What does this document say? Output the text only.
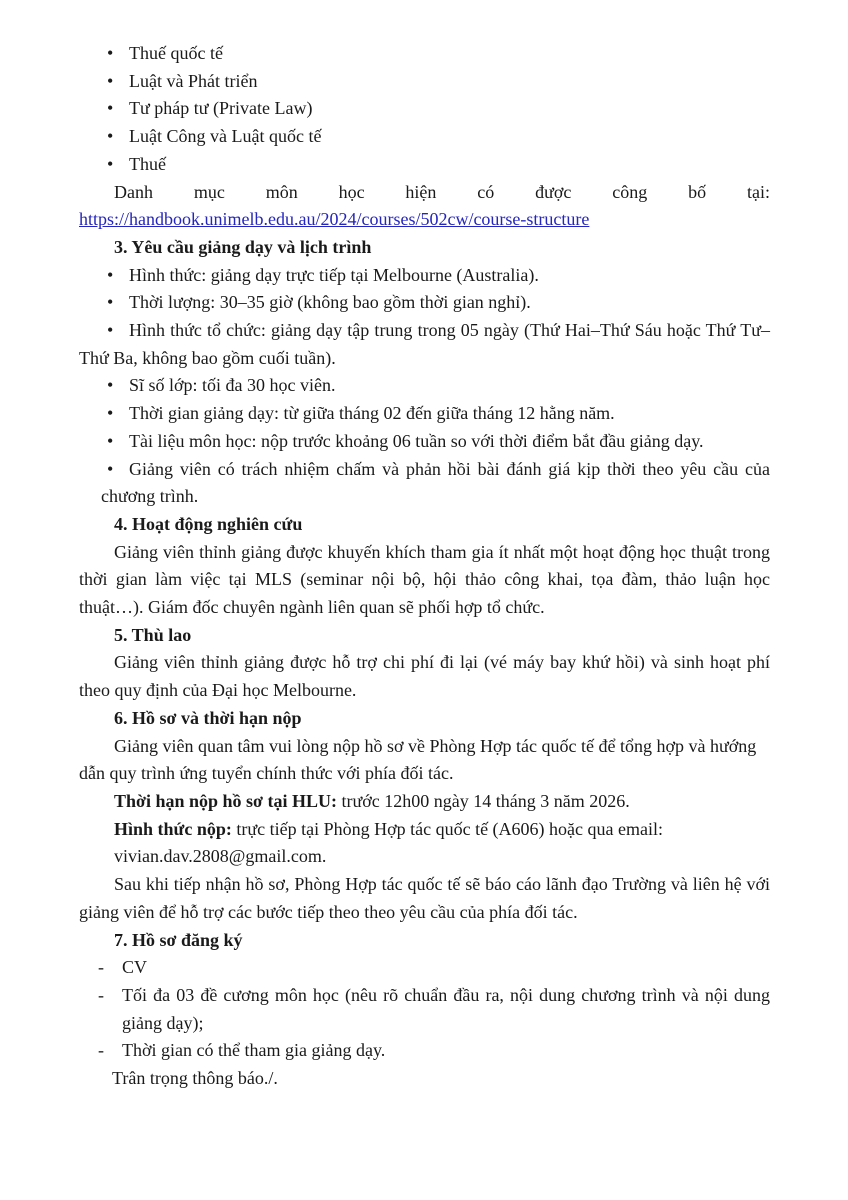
• Thuế quốc tế
• Luật và Phát triển
• Tư pháp tư (Private Law)
• Luật Công và Luật quốc tế
• Thuế
Danh mục môn học hiện có được công bố tại:
https://handbook.unimelb.edu.au/2024/courses/502cw/course-structure
3. Yêu cầu giảng dạy và lịch trình
• Hình thức: giảng dạy trực tiếp tại Melbourne (Australia).
• Thời lượng: 30–35 giờ (không bao gồm thời gian nghỉ).
• Hình thức tổ chức: giảng dạy tập trung trong 05 ngày (Thứ Hai–Thứ Sáu hoặc Thứ Tư–Thứ Ba, không bao gồm cuối tuần).
• Sĩ số lớp: tối đa 30 học viên.
• Thời gian giảng dạy: từ giữa tháng 02 đến giữa tháng 12 hằng năm.
• Tài liệu môn học: nộp trước khoảng 06 tuần so với thời điểm bắt đầu giảng dạy.
• Giảng viên có trách nhiệm chấm và phản hồi bài đánh giá kịp thời theo yêu cầu của chương trình.
4. Hoạt động nghiên cứu
Giảng viên thỉnh giảng được khuyến khích tham gia ít nhất một hoạt động học thuật trong thời gian làm việc tại MLS (seminar nội bộ, hội thảo công khai, tọa đàm, thảo luận học thuật…). Giám đốc chuyên ngành liên quan sẽ phối hợp tổ chức.
5. Thù lao
Giảng viên thỉnh giảng được hỗ trợ chi phí đi lại (vé máy bay khứ hồi) và sinh hoạt phí theo quy định của Đại học Melbourne.
6. Hồ sơ và thời hạn nộp
Giảng viên quan tâm vui lòng nộp hồ sơ về Phòng Hợp tác quốc tế để tổng hợp và hướng dẫn quy trình ứng tuyển chính thức với phía đối tác.
Thời hạn nộp hồ sơ tại HLU: trước 12h00 ngày 14 tháng 3 năm 2026.
Hình thức nộp: trực tiếp tại Phòng Hợp tác quốc tế (A606) hoặc qua email:
vivian.dav.2808@gmail.com.
Sau khi tiếp nhận hồ sơ, Phòng Hợp tác quốc tế sẽ báo cáo lãnh đạo Trường và liên hệ với giảng viên để hỗ trợ các bước tiếp theo theo yêu cầu của phía đối tác.
7. Hồ sơ đăng ký
- CV
- Tối đa 03 đề cương môn học (nêu rõ chuẩn đầu ra, nội dung chương trình và nội dung giảng dạy);
- Thời gian có thể tham gia giảng dạy.
Trân trọng thông báo./.
